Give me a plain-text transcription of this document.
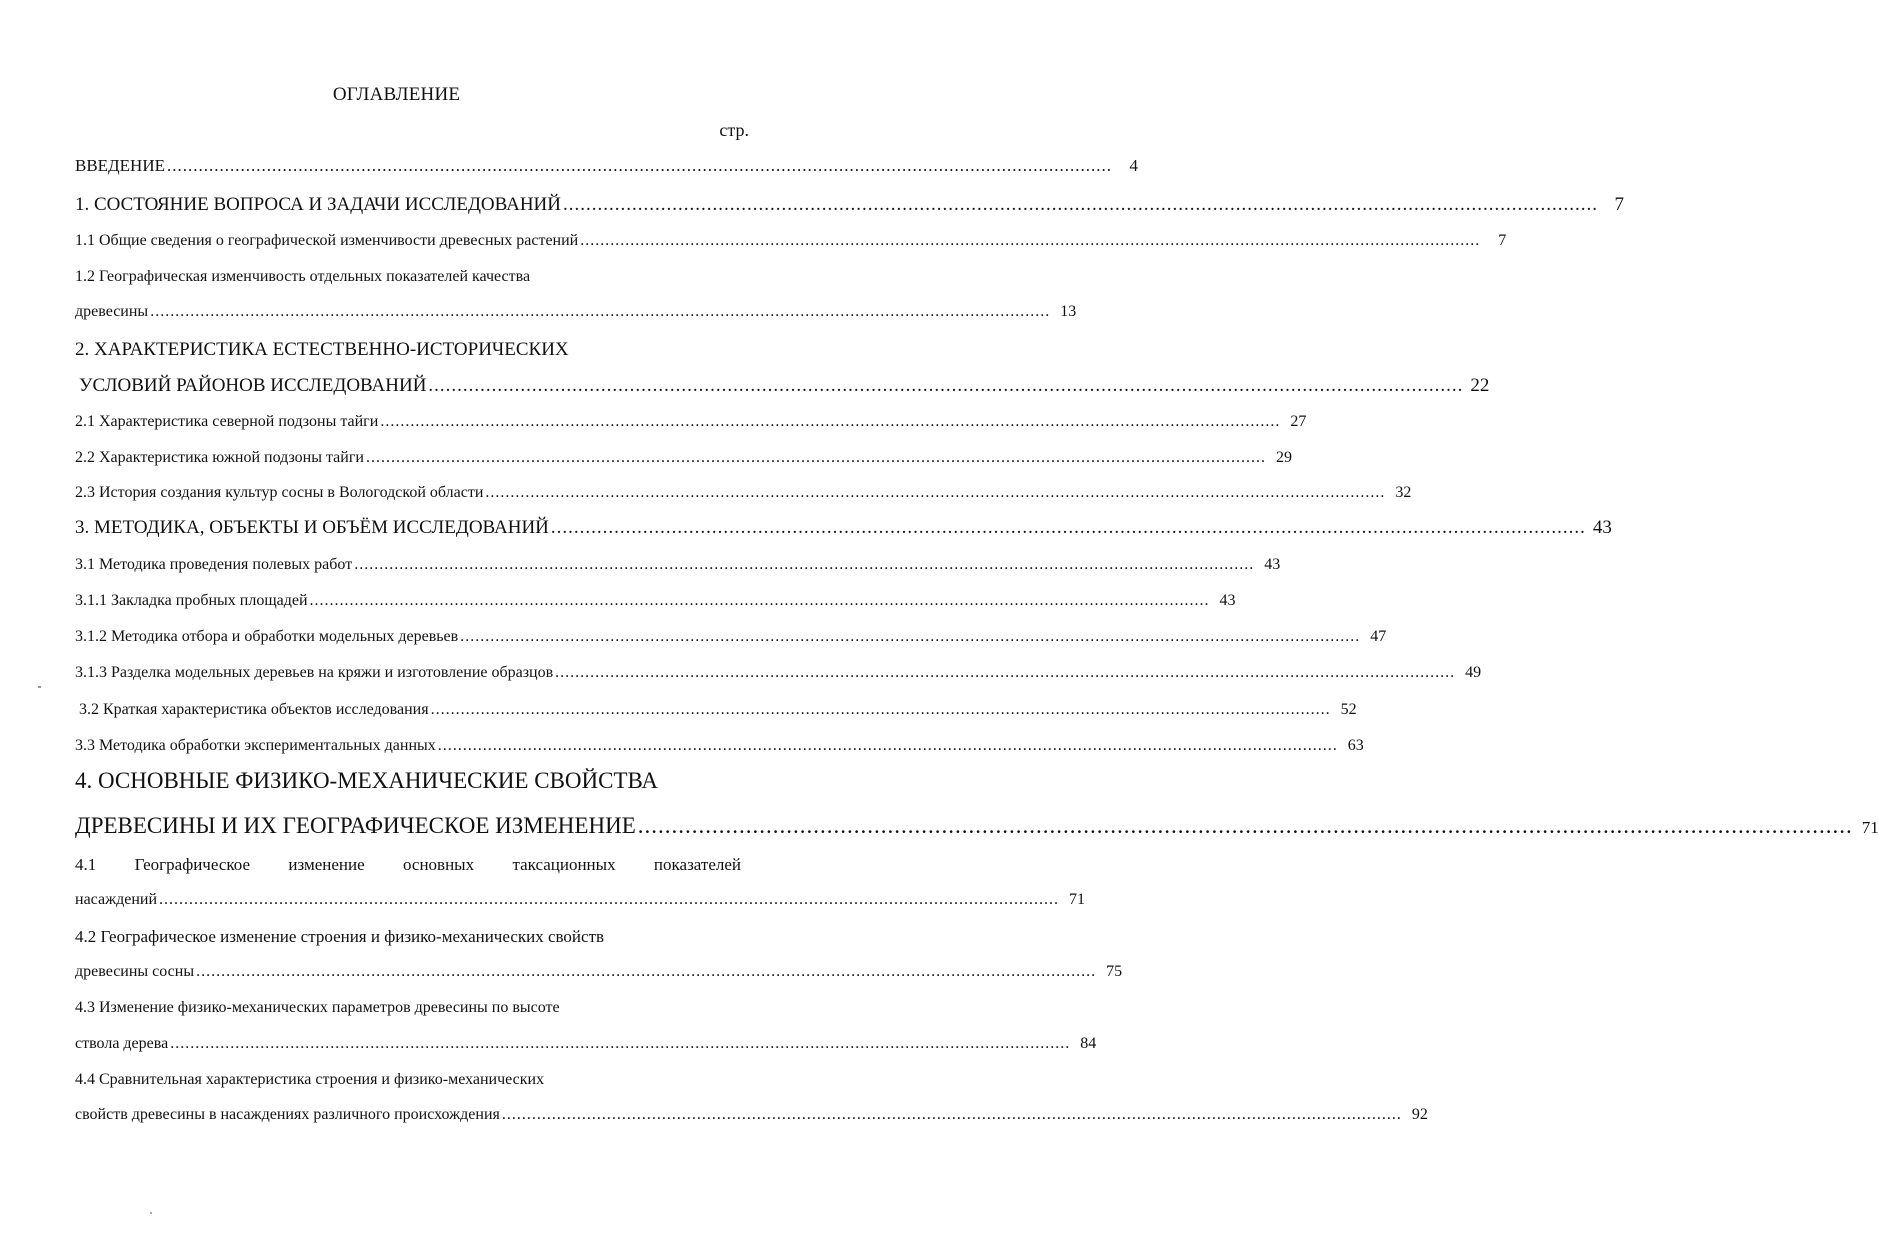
ОГЛАВЛЕНИЕ
стр.
ВВЕДЕНИЕ ....................................................................................................................................................................................	4
1. СОСТОЯНИЕ ВОПРОСА И ЗАДАЧИ ИССЛЕДОВАНИЙ .................................................................................................................................................................................... 7
1.1 Общие сведения о географической изменчивости древесных растений ....................................................................................................................................................................................	7
1.2 Географическая изменчивость отдельных показателей качества
древесины .................................................................................................................................................................................... 13
2. ХАРАКТЕРИСТИКА ЕСТЕСТВЕННО-ИСТОРИЧЕСКИХ
УСЛОВИЙ РАЙОНОВ ИССЛЕДОВАНИЙ .................................................................................................................................................................................... 22
2.1 Характеристика северной подзоны тайги .................................................................................................................................................................................... 27
2.2 Характеристика южной подзоны тайги .................................................................................................................................................................................... 29
2.3 История создания культур сосны в Вологодской области .................................................................................................................................................................................... 32
3. МЕТОДИКА, ОБЪЕКТЫ И ОБЪЁМ ИССЛЕДОВАНИЙ .................................................................................................................................................................................... 43
3.1 Методика проведения полевых работ .................................................................................................................................................................................... 43
3.1.1 Закладка пробных площадей .................................................................................................................................................................................... 43
3.1.2 Методика отбора и обработки модельных деревьев .................................................................................................................................................................................... 47
3.1.3 Разделка модельных деревьев на кряжи и изготовление образцов .................................................................................................................................................................................... 49
3.2 Краткая характеристика объектов исследования .................................................................................................................................................................................... 52
3.3 Методика обработки экспериментальных данных .................................................................................................................................................................................... 63
4. ОСНОВНЫЕ ФИЗИКО-МЕХАНИЧЕСКИЕ СВОЙСТВА
ДРЕВЕСИНЫ И ИХ ГЕОГРАФИЧЕСКОЕ ИЗМЕНЕНИЕ .................................................................................................................................................................................... 71
4.1 Географическое изменение основных таксационных показателей
насаждений .................................................................................................................................................................................... 71
4.2 Географическое изменение строения и физико-механических свойств
древесины сосны .................................................................................................................................................................................... 75
4.3 Изменение физико-механических параметров древесины по высоте
ствола дерева .................................................................................................................................................................................... 84
4.4 Сравнительная характеристика строения и физико-механических
свойств древесины в насаждениях различного происхождения .................................................................................................................................................................................... 92
